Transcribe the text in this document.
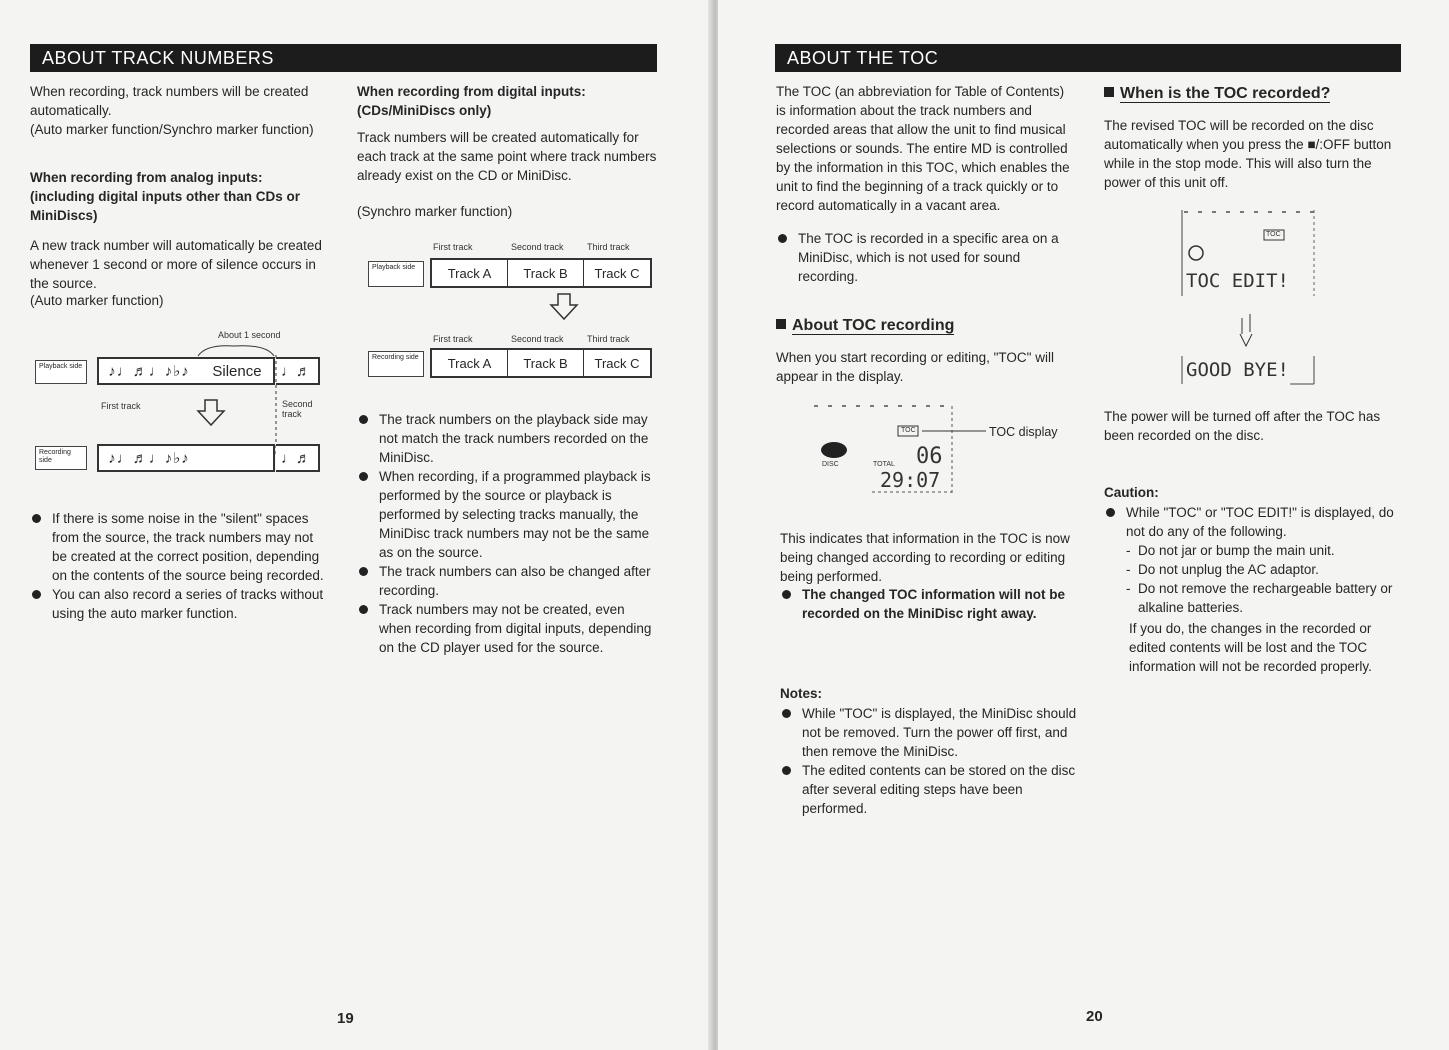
ABOUT TRACK NUMBERS

When recording, track numbers will be created automatically.

(Auto marker function/Synchro marker function)

When recording from analog inputs: (including digital inputs other than CDs or MiniDiscs)

A new track number will automatically be created whenever 1 second or more of silence occurs in the source.

(Auto marker function)

About 1 second
Playback side	♪♩♬♩♪♭♪	Silence	♩♬
First track	Second track
Recording side	♪♩♬♩♪♭♪	♩♬
If there is some noise in the "silent" spaces from the source, the track numbers may not be created at the correct position, depending on the contents of the source being recorded.
You can also record a series of tracks without using the auto marker function.

When recording from digital inputs: (CDs/MiniDiscs only)

Track numbers will be created automatically for each track at the same point where track numbers already exist on the CD or MiniDisc.

(Synchro marker function)

First track	Second track	Third track
Playback side	Track A	Track B	Track C
First track	Second track	Third track
Recording side	Track A	Track B	Track C
The track numbers on the playback side may not match the track numbers recorded on the MiniDisc.
When recording, if a programmed playback is performed by the source or playback is performed by selecting tracks manually, the MiniDisc track numbers may not be the same as on the source.
The track numbers can also be changed after recording.
Track numbers may not be created, even when recording from digital inputs, depending on the CD player used for the source.
19
ABOUT THE TOC

The TOC (an abbreviation for Table of Contents) is information about the track numbers and recorded areas that allow the unit to find musical selections or sounds. The entire MD is controlled by the information in this TOC, which enables the unit to find the beginning of a track quickly or to record automatically in a vacant area.

The TOC is recorded in a specific area on a MiniDisc, which is not used for sound recording.
About TOC recording

When you start recording or editing, "TOC" will appear in the display.

TOC	TOC display
DISC	TOTAL 06
29:07

This indicates that information in the TOC is now being changed according to recording or editing being performed.

The changed TOC information will not be recorded on the MiniDisc right away.

Notes:

While "TOC" is displayed, the MiniDisc should not be removed. Turn the power off first, and then remove the MiniDisc.
The edited contents can be stored on the disc after several editing steps have been performed.
When is the TOC recorded?

The revised TOC will be recorded on the disc automatically when you press the ■/:OFF button while in the stop mode. This will also turn the power of this unit off.

TOC
TOC EDIT!
GOOD BYE!

The power will be turned off after the TOC has been recorded on the disc.

Caution:

While "TOC" or "TOC EDIT!" is displayed, do not do any of the following.
- Do not jar or bump the main unit.
- Do not unplug the AC adaptor.
- Do not remove the rechargeable battery or alkaline batteries.

If you do, the changes in the recorded or edited contents will be lost and the TOC information will not be recorded properly.

20
